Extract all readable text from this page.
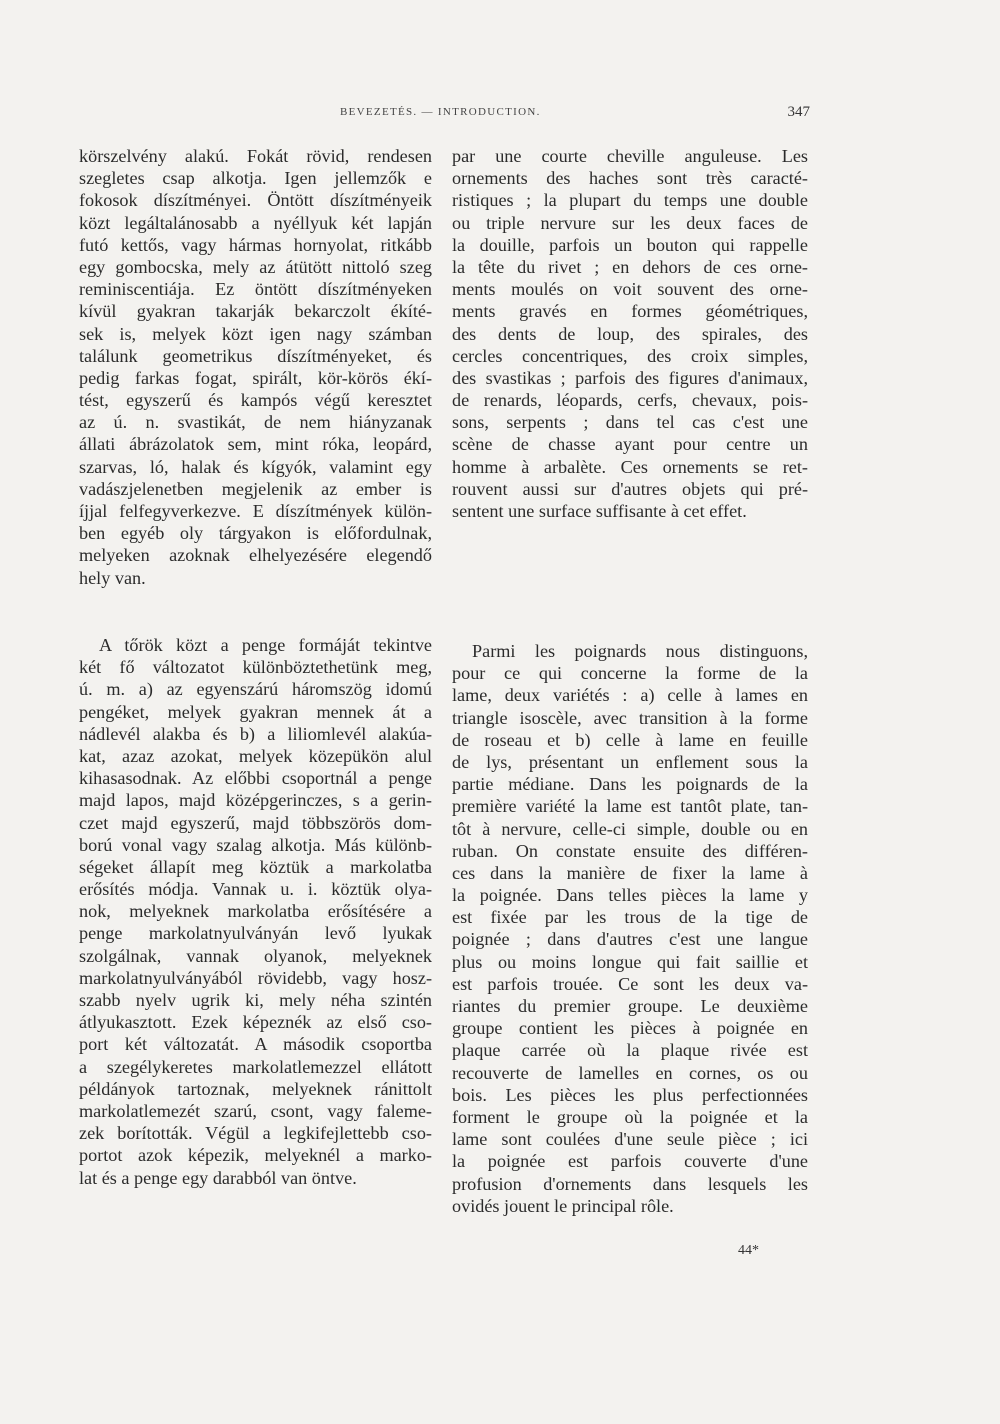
BEVEZETÉS. — INTRODUCTION.	347
körszelvény alakú. Fokát rövid, rendesen
szegletes csap alkotja. Igen jellemzők e
fokosok díszítményei. Öntött díszítményeik
közt legáltalánosabb a nyéllyuk két lapján
futó kettős, vagy hármas hornyolat, ritkább
egy gombocska, mely az átütött nittoló szeg
reminiscentiája. Ez öntött díszítményeken
kívül gyakran takarják bekarczolt ékíté-
sek is, melyek közt igen nagy számban
találunk geometrikus díszítményeket, és
pedig farkas fogat, spirált, kör-körös ékí-
tést, egyszerű és kampós végű keresztet
az ú. n. svastikát, de nem hiányzanak
állati ábrázolatok sem, mint róka, leopárd,
szarvas, ló, halak és kígyók, valamint egy
vadászjelenetben megjelenik az ember is
íjjal felfegyverkezve. E díszítmények külön-
ben egyéb oly tárgyakon is előfordulnak,
melyeken azoknak elhelyezésére elegendő
hely van.
A tőrök közt a penge formáját tekintve
két fő változatot különböztethetünk meg,
ú. m. a) az egyenszárú háromszög idomú
pengéket, melyek gyakran mennek át a
nádlevél alakba és b) a liliomlevél alakúa-
kat, azaz azokat, melyek közepükön alul
kihasasodnak. Az előbbi csoportnál a penge
majd lapos, majd középgerinczes, s a gerin-
czet majd egyszerű, majd többszörös dom-
ború vonal vagy szalag alkotja. Más különb-
ségeket állapít meg köztük a markolatba
erősítés módja. Vannak u. i. köztük olya-
nok, melyeknek markolatba erősítésére a
penge markolatnyulványán levő lyukak
szolgálnak, vannak olyanok, melyeknek
markolatnyulványából rövidebb, vagy hosz-
szabb nyelv ugrik ki, mely néha szintén
átlyukasztott. Ezek képeznék az első cso-
port két változatát. A második csoportba
a szegélykeretes markolatlemezzel ellátott
példányok tartoznak, melyeknek ránittolt
markolatlemezét szarú, csont, vagy faleme-
zek borították. Végül a legkifejlettebb cso-
portot azok képezik, melyeknél a marko-
lat és a penge egy darabból van öntve.
par une courte cheville anguleuse. Les
ornements des haches sont très caracté-
ristiques ; la plupart du temps une double
ou triple nervure sur les deux faces de
la douille, parfois un bouton qui rappelle
la tête du rivet ; en dehors de ces orne-
ments moulés on voit souvent des orne-
ments gravés en formes géométriques,
des dents de loup, des spirales, des
cercles concentriques, des croix simples,
des svastikas ; parfois des figures d'animaux,
de renards, léopards, cerfs, chevaux, pois-
sons, serpents ; dans tel cas c'est une
scène de chasse ayant pour centre un
homme à arbalète. Ces ornements se ret-
rouvent aussi sur d'autres objets qui pré-
sentent une surface suffisante à cet effet.
Parmi les poignards nous distinguons,
pour ce qui concerne la forme de la
lame, deux variétés : a) celle à lames en
triangle isoscèle, avec transition à la forme
de roseau et b) celle à lame en feuille
de lys, présentant un enflement sous la
partie médiane. Dans les poignards de la
première variété la lame est tantôt plate, tan-
tôt à nervure, celle-ci simple, double ou en
ruban. On constate ensuite des différen-
ces dans la manière de fixer la lame à
la poignée. Dans telles pièces la lame y
est fixée par les trous de la tige de
poignée ; dans d'autres c'est une langue
plus ou moins longue qui fait saillie et
est parfois trouée. Ce sont les deux va-
riantes du premier groupe. Le deuxième
groupe contient les pièces à poignée en
plaque carrée où la plaque rivée est
recouverte de lamelles en cornes, os ou
bois. Les pièces les plus perfectionnées
forment le groupe où la poignée et la
lame sont coulées d'une seule pièce ; ici
la poignée est parfois couverte d'une
profusion d'ornements dans lesquels les
ovidés jouent le principal rôle.
44*
